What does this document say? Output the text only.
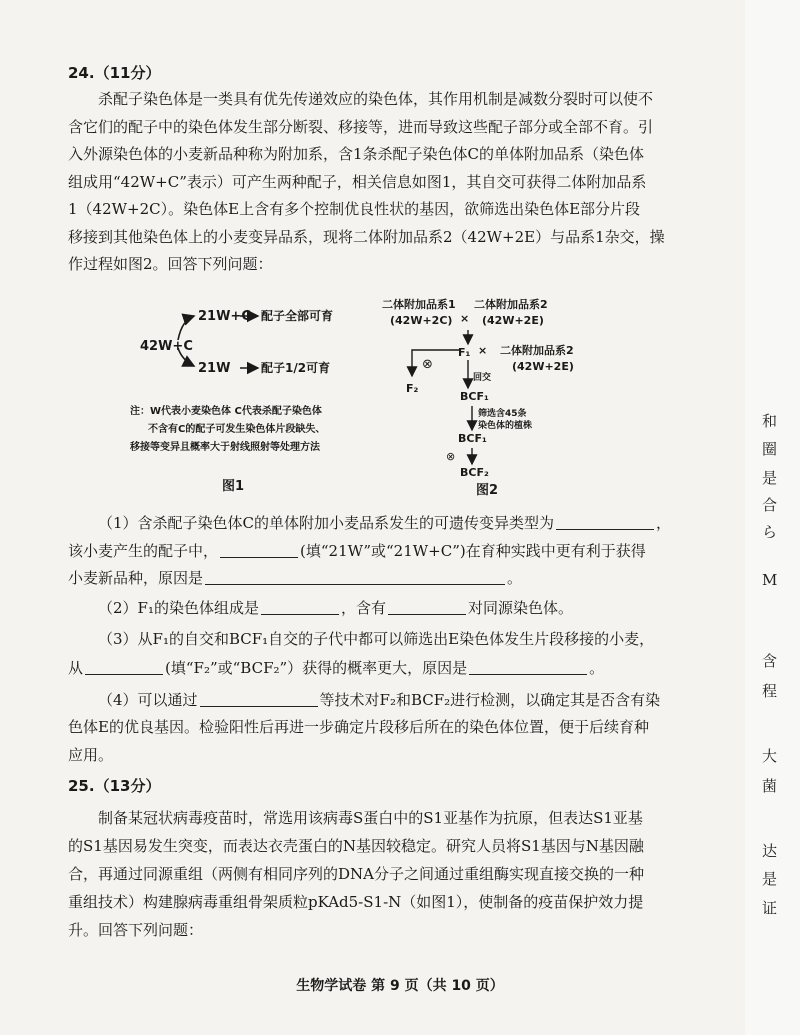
24.（11分）
杀配子染色体是一类具有优先传递效应的染色体，其作用机制是减数分裂时可以使不
含它们的配子中的染色体发生部分断裂、移接等，进而导致这些配子部分或全部不育。引
入外源染色体的小麦新品种称为附加系，含1条杀配子染色体C的单体附加品系（染色体
组成用“42W+C”表示）可产生两种配子，相关信息如图1，其自交可获得二体附加品系
1（42W+2C）。染色体E上含有多个控制优良性状的基因，欲筛选出染色体E部分片段
移接到其他染色体上的小麦变异品系，现将二体附加品系2（42W+2E）与品系1杂交，操
作过程如图2。回答下列问题：
42W+C
21W+C 配子全部可育
21W	配子1/2可育
注：W代表小麦染色体 C代表杀配子染色体
不含有C的配子可发生染色体片段缺失、
移接等变异且概率大于射线照射等处理方法
图1
二体附加品系1
(42W+2C) ×
二体附加品系2
(42W+2E)
F₁ × 二体附加品系2
(42W+2E)
⊗
F₂
回交
BCF₁
筛选含45条
染色体的植株
BCF₁
⊗
BCF₂
图2
（1）含杀配子染色体C的单体附加小麦品系发生的可遗传变异类型为	，
该小麦产生的配子中，	(填“21W”或“21W+C”)在育种实践中更有利于获得
小麦新品种，原因是	。
（2）F₁的染色体组成是	，含有	对同源染色体。
（3）从F₁的自交和BCF₁自交的子代中都可以筛选出E染色体发生片段移接的小麦，
从	(填“F₂”或“BCF₂”）获得的概率更大，原因是	。
（4）可以通过	等技术对F₂和BCF₂进行检测，以确定其是否含有染
色体E的优良基因。检验阳性后再进一步确定片段移后所在的染色体位置，便于后续育种
应用。
25.（13分）
制备某冠状病毒疫苗时，常选用该病毒S蛋白中的S1亚基作为抗原，但表达S1亚基
的S1基因易发生突变，而表达衣壳蛋白的N基因较稳定。研究人员将S1基因与N基因融
合，再通过同源重组（两侧有相同序列的DNA分子之间通过重组酶实现直接交换的一种
重组技术）构建腺病毒重组骨架质粒pKAd5-S1-N（如图1），使制备的疫苗保护效力提
升。回答下列问题：
和
圈
是
合
ら
M
含
程
大
菌
达
是
证
生物学试卷 第 9 页（共 10 页）
